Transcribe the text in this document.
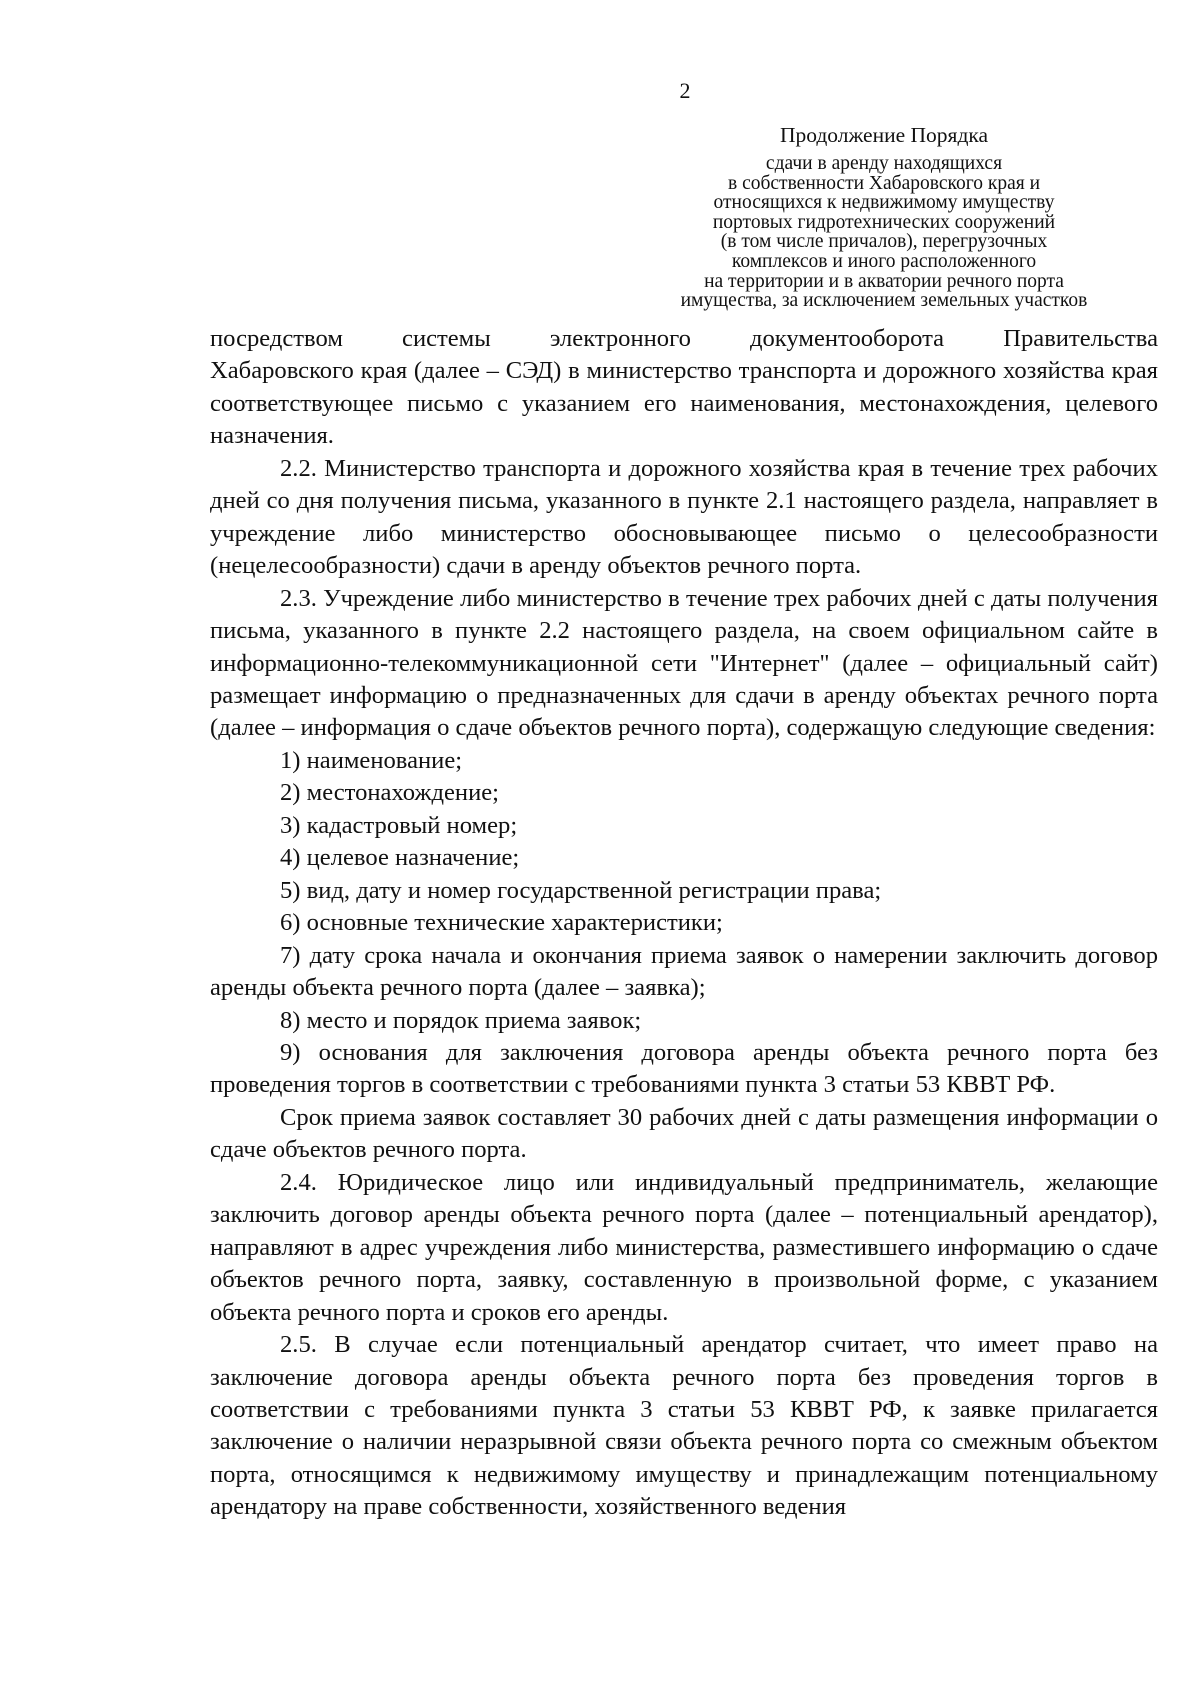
2
Продолжение Порядка
сдачи в аренду находящихся
в собственности Хабаровского края и
относящихся к недвижимому имуществу
портовых гидротехнических сооружений
(в том числе причалов), перегрузочных
комплексов и иного расположенного
на территории и в акватории речного порта
имущества, за исключением земельных участков

посредством системы электронного документооборота Правительства
Хабаровского края (далее – СЭД) в министерство транспорта и дорожного хозяйства края соответствующее письмо с указанием его наименования, местонахождения, целевого назначения.

2.2. Министерство транспорта и дорожного хозяйства края в течение трех рабочих дней со дня получения письма, указанного в пункте 2.1 настоящего раздела, направляет в учреждение либо министерство обосновывающее письмо о целесообразности (нецелесообразности) сдачи в аренду объектов речного порта.

2.3. Учреждение либо министерство в течение трех рабочих дней с даты получения письма, указанного в пункте 2.2 настоящего раздела, на своем официальном сайте в информационно-телекоммуникационной сети "Интернет" (далее – официальный сайт) размещает информацию о предназначенных для сдачи в аренду объектах речного порта (далее – информация о сдаче объектов речного порта), содержащую следующие сведения:

1) наименование;

2) местонахождение;

3) кадастровый номер;

4) целевое назначение;

5) вид, дату и номер государственной регистрации права;

6) основные технические характеристики;

7) дату срока начала и окончания приема заявок о намерении заключить договор аренды объекта речного порта (далее – заявка);

8) место и порядок приема заявок;

9) основания для заключения договора аренды объекта речного порта без проведения торгов в соответствии с требованиями пункта 3 статьи 53 КВВТ РФ.

Срок приема заявок составляет 30 рабочих дней с даты размещения информации о сдаче объектов речного порта.

2.4. Юридическое лицо или индивидуальный предприниматель, желающие заключить договор аренды объекта речного порта (далее – потенциальный арендатор), направляют в адрес учреждения либо министерства, разместившего информацию о сдаче объектов речного порта, заявку, составленную в произвольной форме, с указанием объекта речного порта и сроков его аренды.

2.5. В случае если потенциальный арендатор считает, что имеет право на заключение договора аренды объекта речного порта без проведения торгов в соответствии с требованиями пункта 3 статьи 53 КВВТ РФ, к заявке прилагается заключение о наличии неразрывной связи объекта речного порта со смежным объектом порта, относящимся к недвижимому имуществу и принадлежащим потенциальному арендатору на праве собственности, хозяйственного ведения
